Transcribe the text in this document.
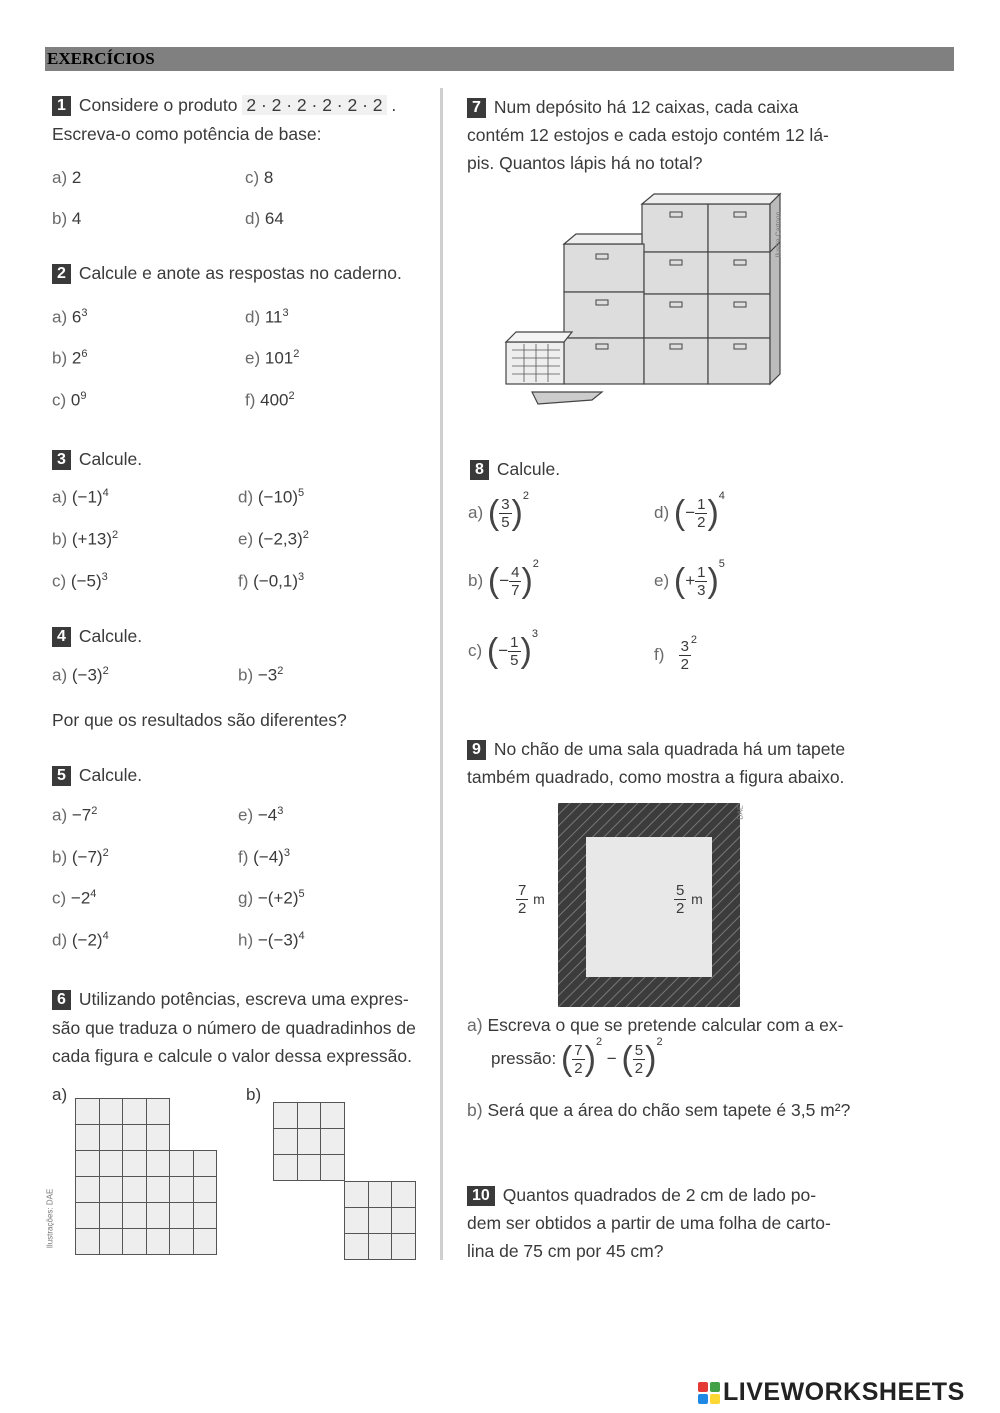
EXERCÍCIOS
1 Considere o produto 2 · 2 · 2 · 2 · 2 · 2 .
Escreva-o como potência de base:
a) 2	c) 8
b) 4	d) 64
2 Calcule e anote as respostas no caderno.
a) $6^3$
b) $2^6$
c) $0^9$
d) $11^3$
e) $101^2$
f) $400^2$
3 Calcule.
a) $(-1)^4$
b) $(+13)^2$
c) $(-5)^3$
d) $(-10)^5$
e) $(-2,3)^2$
f) $(-0,1)^3$
4 Calcule.
a) $(-3)^2$	$b) -3^2$
Por que os resultados são diferentes?
5 Calcule.
$a) -7^2$
b) $(-7)^2$
$c) -2^4$
d) $(-2)^4$
$e) -4^3$
f) $(-4)^3$
$g) -(+2)^5$
$h) -(-3)^4$
6 Utilizando potências, escreva uma expres-
são que traduza o número de quadradinhos de
cada figura e calcule o valor dessa expressão.
a)	b)
Ilustrações: DAE

7 Num depósito há 12 caixas, cada caixa
contém 12 estojos e cada estojo contém 12 lá-
pis. Quantos lápis há no total?
Ilustra Cartoon
8 Calcule.
a) ( $\frac{3}{5} )^2$
b) (− $\frac{4}{7} )^2$
c) (− $\frac{1}{5} )^3$
d) (− $\frac{1}{2} )^4$
e) (+ $\frac{1}{3} )^5$
$f) \frac{3}{2} ^2$
9 No chão de uma sala quadrada há um tapete
também quadrado, como mostra a figura abaixo.
DAE
$\frac{7}{2}$ m	$\frac{5}{2}$ m
a) Escreva o que se pretende calcular com a ex-
pressão: ( $\frac{7}{2} )^2$ − ( $\frac{5}{2} )^2$
b) Será que a área do chão sem tapete é 3,5 m²?
10 Quantos quadrados de 2 cm de lado po-
dem ser obtidos a partir de uma folha de carto-
lina de 75 cm por 45 cm?
LIVEWORKSHEETS
